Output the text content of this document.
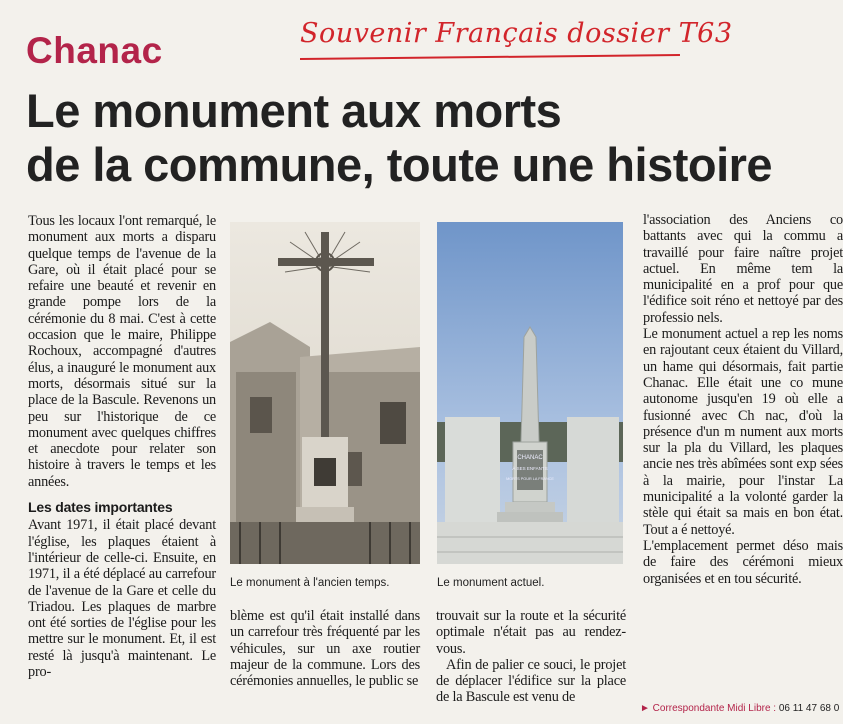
Souvenir Français dossier T63
Chanac
Le monument aux morts
de la commune, toute une histoire

Tous les locaux l'ont remarqué, le monument aux morts a disparu quelque temps de l'avenue de la Gare, où il était placé pour se refaire une beauté et revenir en grande pompe lors de la cérémonie du 8 mai. C'est à cette occasion que le maire, Philippe Rochoux, accompagné d'autres élus, a inauguré le monument aux morts, désormais situé sur la place de la Bascule. Revenons un peu sur l'historique de ce monument avec quelques chiffres et anecdote pour relater son histoire à travers le temps et les années.

Les dates importantes

Avant 1971, il était placé devant l'église, les plaques étaient à l'intérieur de celle-ci. Ensuite, en 1971, il a été déplacé au carrefour de l'avenue de la Gare et celle du Triadou. Les plaques de marbre ont été sorties de l'église pour les mettre sur le monument. Et, il est resté là jusqu'à maintenant. Le pro-

CHANAC
À SES ENFANTS
MORTS POUR LA FRANCE
Le monument à l'ancien temps.	Le monument actuel.

blème est qu'il était installé dans un carrefour très fréquenté par les véhicules, sur un axe routier majeur de la commune. Lors des cérémonies annuelles, le public se

trouvait sur la route et la sécurité optimale n'était pas au rendez-vous.

Afin de palier ce souci, le projet de déplacer l'édifice sur la place de la Bascule est venu de

l'association des Anciens co battants avec qui la commu a travaillé pour faire naître projet actuel. En même tem la municipalité en a prof pour que l'édifice soit réno et nettoyé par des professio nels.

Le monument actuel a rep les noms en rajoutant ceux étaient du Villard, un hame qui désormais, fait partie Chanac. Elle était une co mune autonome jusqu'en 19 où elle a fusionné avec Ch nac, d'où la présence d'un m nument aux morts sur la pla du Villard, les plaques ancie nes très abîmées sont exp sées à la mairie, pour l'instar La municipalité a la volonté garder la stèle qui était sa mais en bon état. Tout a é nettoyé.

L'emplacement permet déso mais de faire des cérémoni mieux organisées et en tou sécurité.

► Correspondante Midi Libre : 06 11 47 68 0
